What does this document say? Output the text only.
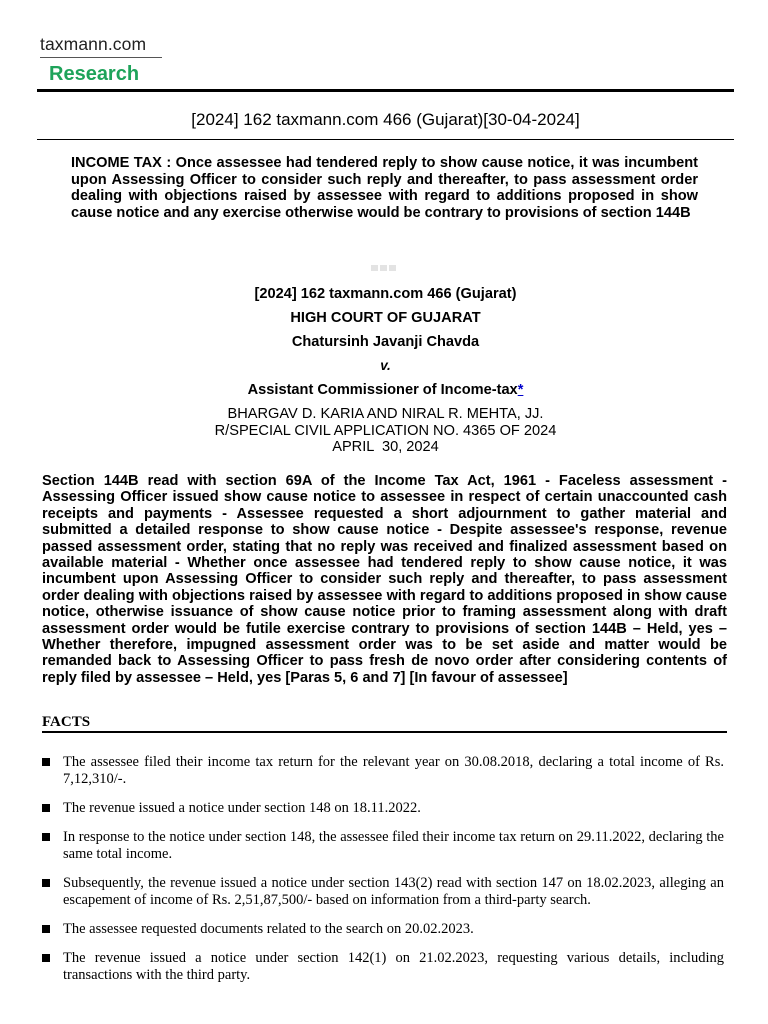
taxmann.com
Research
[2024] 162 taxmann.com 466 (Gujarat)[30-04-2024]
INCOME TAX : Once assessee had tendered reply to show cause notice, it was incumbent upon Assessing Officer to consider such reply and thereafter, to pass assessment order dealing with objections raised by assessee with regard to additions proposed in show cause notice and any exercise otherwise would be contrary to provisions of section 144B
[2024] 162 taxmann.com 466 (Gujarat)
HIGH COURT OF GUJARAT
Chatursinh Javanji Chavda
v.
Assistant Commissioner of Income-tax*
BHARGAV D. KARIA AND NIRAL R. MEHTA, JJ.
R/SPECIAL CIVIL APPLICATION NO. 4365 OF 2024
APRIL  30, 2024
Section 144B read with section 69A of the Income Tax Act, 1961 - Faceless assessment - Assessing Officer issued show cause notice to assessee in respect of certain unaccounted cash receipts and payments - Assessee requested a short adjournment to gather material and submitted a detailed response to show cause notice - Despite assessee's response, revenue passed assessment order, stating that no reply was received and finalized assessment based on available material - Whether once assessee had tendered reply to show cause notice, it was incumbent upon Assessing Officer to consider such reply and thereafter, to pass assessment order dealing with objections raised by assessee with regard to additions proposed in show cause notice, otherwise issuance of show cause notice prior to framing assessment along with draft assessment order would be futile exercise contrary to provisions of section 144B – Held, yes – Whether therefore, impugned assessment order was to be set aside and matter would be remanded back to Assessing Officer to pass fresh de novo order after considering contents of reply filed by assessee – Held, yes [Paras 5, 6 and 7] [In favour of assessee]
FACTS
The assessee filed their income tax return for the relevant year on 30.08.2018, declaring a total income of Rs. 7,12,310/-.
The revenue issued a notice under section 148 on 18.11.2022.
In response to the notice under section 148, the assessee filed their income tax return on 29.11.2022, declaring the same total income.
Subsequently, the revenue issued a notice under section 143(2) read with section 147 on 18.02.2023, alleging an escapement of income of Rs. 2,51,87,500/- based on information from a third-party search.
The assessee requested documents related to the search on 20.02.2023.
The revenue issued a notice under section 142(1) on 21.02.2023, requesting various details, including transactions with the third party.
